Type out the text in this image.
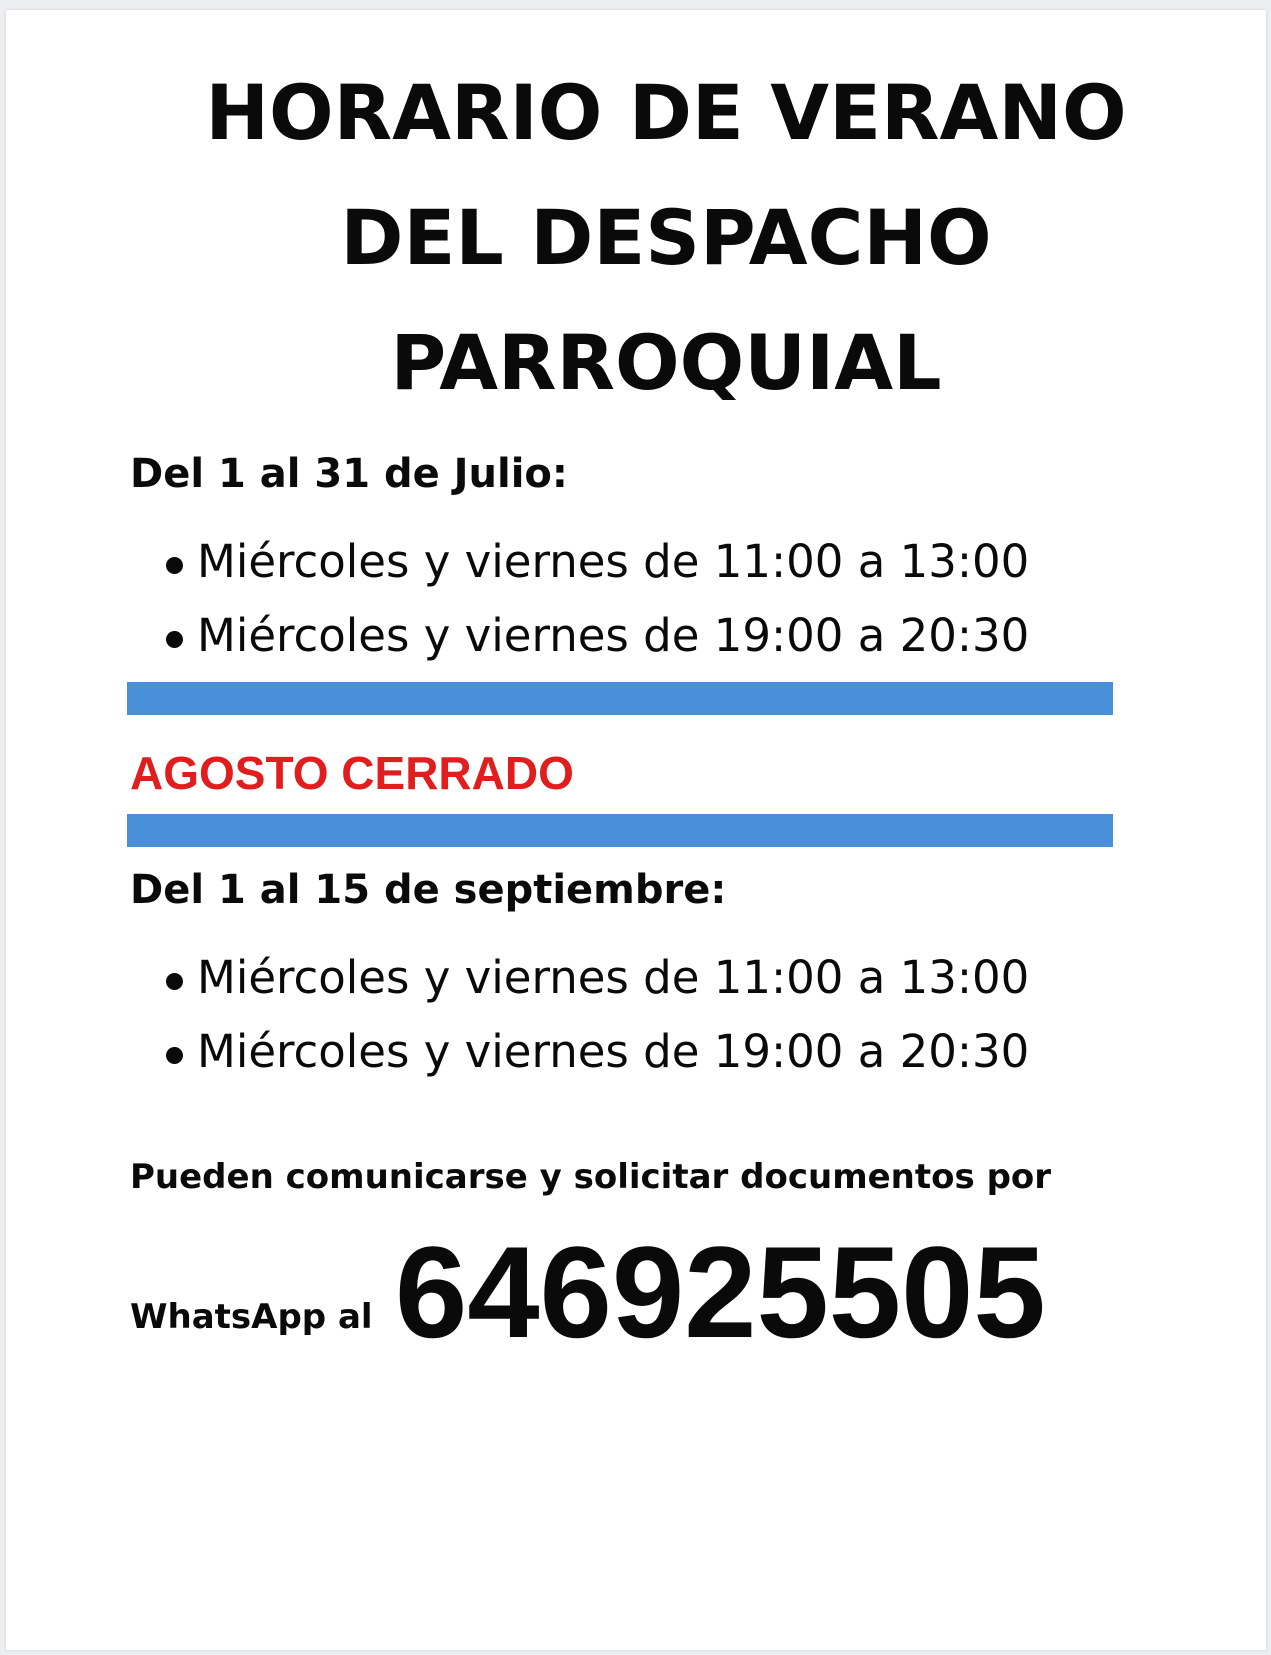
HORARIO DE VERANO
DEL DESPACHO
PARROQUIAL
Del 1 al 31 de Julio:
Miércoles y viernes de 11:00 a 13:00
Miércoles y viernes de 19:00 a 20:30

AGOSTO CERRADO

Del 1 al 15 de septiembre:
Miércoles y viernes de 11:00 a 13:00
Miércoles y viernes de 19:00 a 20:30

Pueden comunicarse y solicitar documentos por

WhatsApp al 646925505
